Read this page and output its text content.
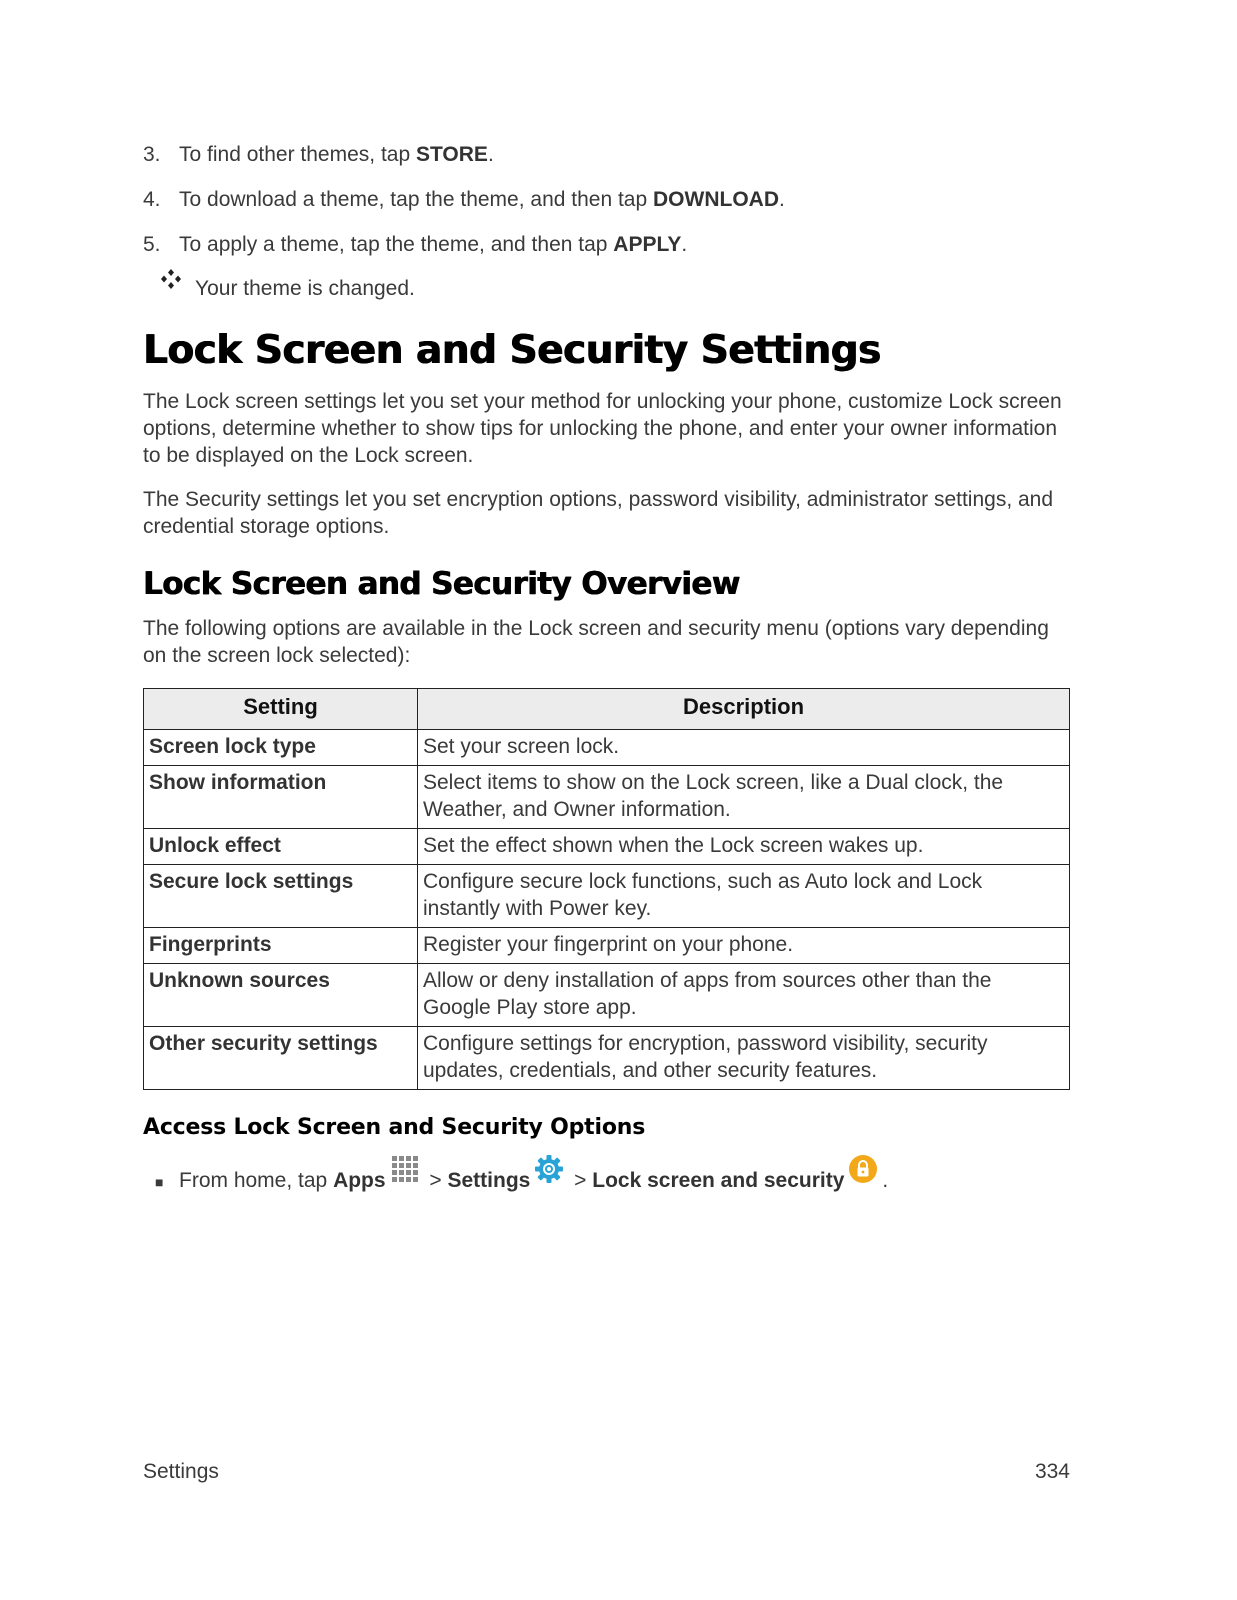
3. To find other themes, tap STORE.
4. To download a theme, tap the theme, and then tap DOWNLOAD.
5. To apply a theme, tap the theme, and then tap APPLY.
Your theme is changed.
Lock Screen and Security Settings

The Lock screen settings let you set your method for unlocking your phone, customize Lock screen options, determine whether to show tips for unlocking the phone, and enter your owner information to be displayed on the Lock screen.

The Security settings let you set encryption options, password visibility, administrator settings, and credential storage options.

Lock Screen and Security Overview

The following options are available in the Lock screen and security menu (options vary depending on the screen lock selected):

Setting	Description
Screen lock type	Set your screen lock.
Show information	Select items to show on the Lock screen, like a Dual clock, the Weather, and Owner information.
Unlock effect	Set the effect shown when the Lock screen wakes up.
Secure lock settings	Configure secure lock functions, such as Auto lock and Lock instantly with Power key.
Fingerprints	Register your fingerprint on your phone.
Unknown sources	Allow or deny installation of apps from sources other than the Google Play store app.
Other security settings	Configure settings for encryption, password visibility, security updates, credentials, and other security features.
Access Lock Screen and Security Options
■ From home, tap Apps > Settings > Lock screen and security .
Settings	334
